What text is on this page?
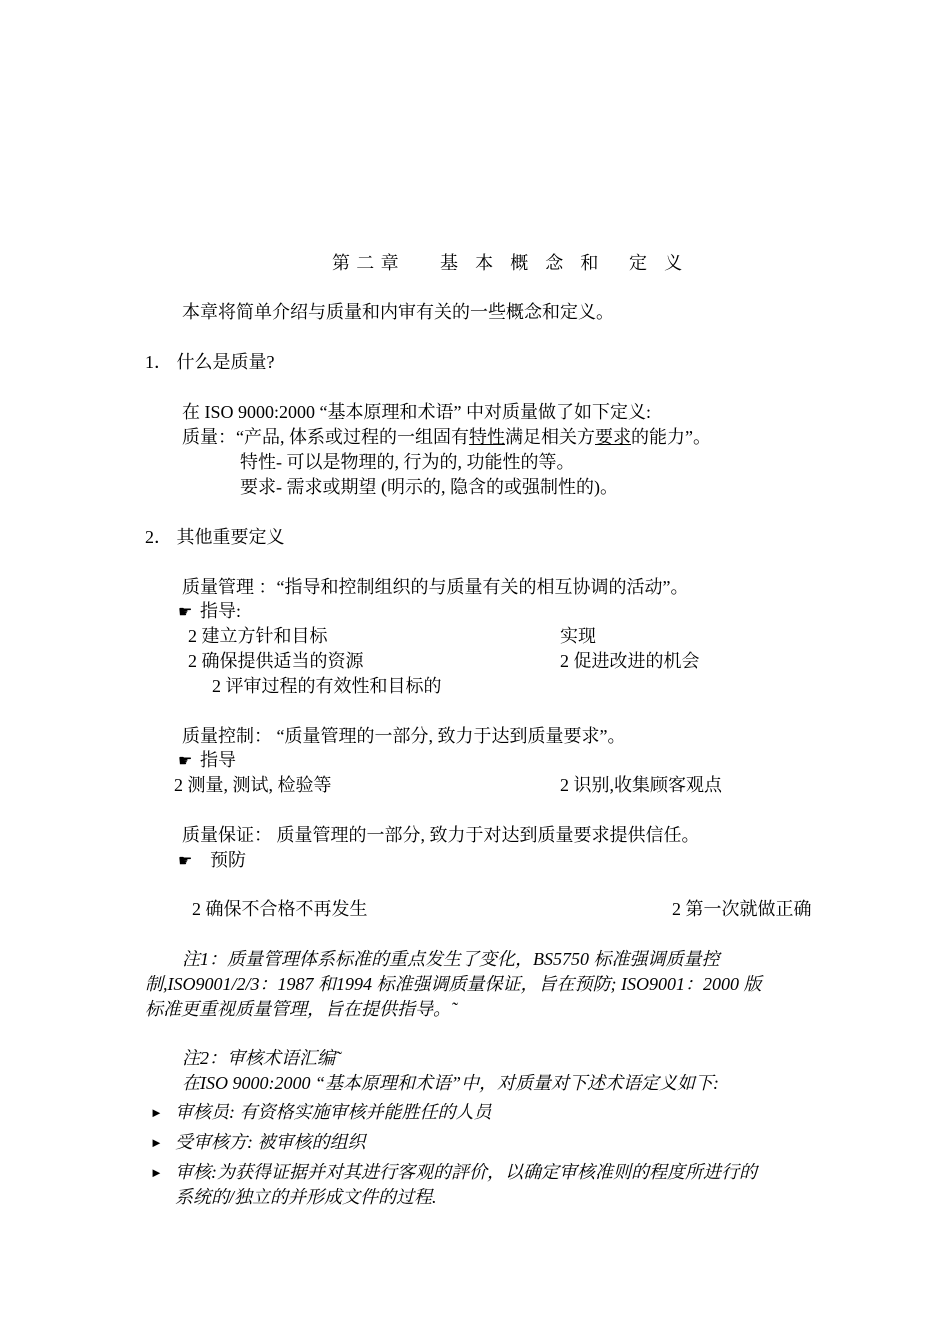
第二章　 基 本 概 念 和　定 义
本章将简单介绍与质量和内审有关的一些概念和定义。
1． 什么是质量?
在 ISO 9000:2000 “基本原理和术语” 中对质量做了如下定义:
质量：“产品, 体系或过程的一组固有特性满足相关方要求的能力”。
特性- 可以是物理的, 行为的, 功能性的等。
要求- 需求或期望 (明示的, 隐含的或强制性的)。
2． 其他重要定义
质量管理 ：“指导和控制组织的与质量有关的相互协调的活动”。
☛ 指导:
2 建立方针和目标	实现
2 确保提供适当的资源	2 促进改进的机会
2 评审过程的有效性和目标的
质量控制： “质量管理的一部分, 致力于达到质量要求”。
☛ 指导
2 测量, 测试, 检验等	2 识别,收集顾客观点
质量保证： 质量管理的一部分, 致力于对达到质量要求提供信任。
☛ 预防
2 确保不合格不再发生	2 第一次就做正确
注1：质量管理体系标准的重点发生了变化，BS5750 标准强调质量控
制,ISO9001/2/3：1987 和1994 标准强调质量保证，旨在预防; ISO9001：2000 版
标准更重视质量管理，旨在提供指导。˜
注2：审核术语汇编˜
在ISO 9000:2000 “基本原理和术语”中，对质量对下述术语定义如下:
► 审核员: 有资格实施审核并能胜任的人员
► 受审核方: 被审核的组织
► 审核:为获得证据并对其进行客观的評价，以确定审核准则的程度所进行的
系统的/独立的并形成文件的过程.
